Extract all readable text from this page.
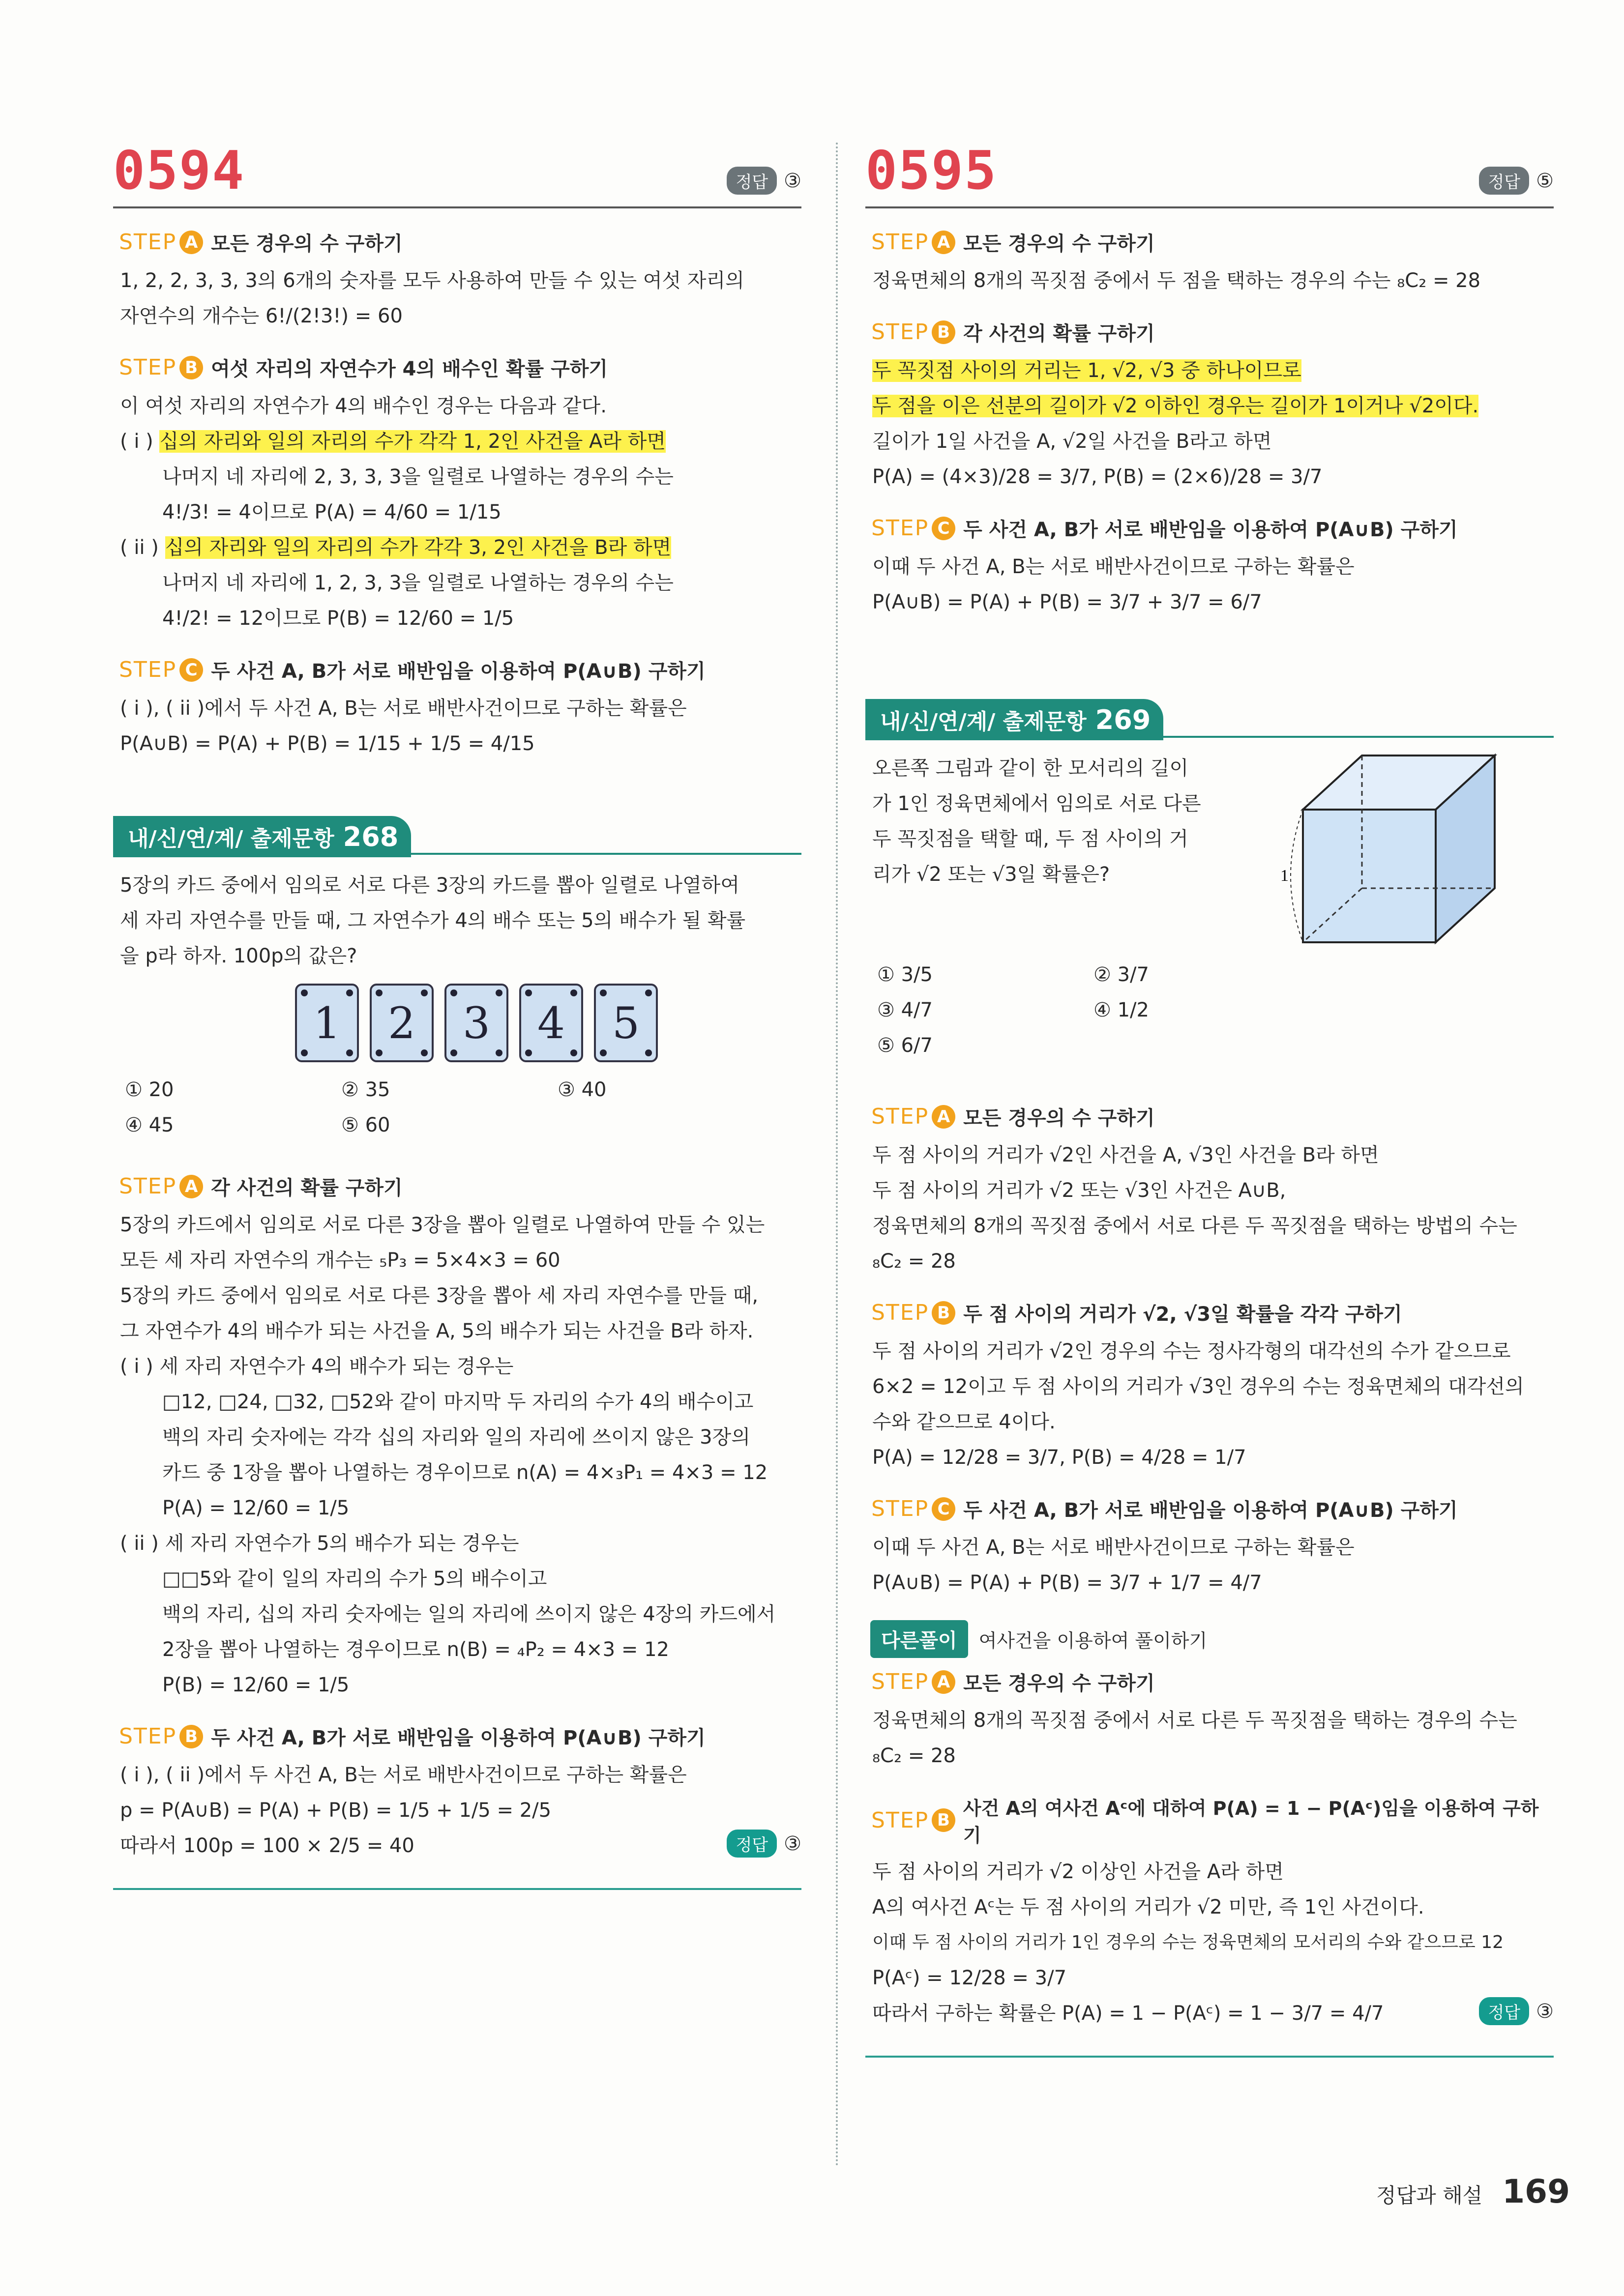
0594	정답 ③
STEP A 모든 경우의 수 구하기
1, 2, 2, 3, 3, 3의 6개의 숫자를 모두 사용하여 만들 수 있는 여섯 자리의
자연수의 개수는 6!/(2!3!) = 60
STEP B 여섯 자리의 자연수가 4의 배수인 확률 구하기
이 여섯 자리의 자연수가 4의 배수인 경우는 다음과 같다.
( i ) 십의 자리와 일의 자리의 수가 각각 1, 2인 사건을 A라 하면
나머지 네 자리에 2, 3, 3, 3을 일렬로 나열하는 경우의 수는
4!/3! = 4이므로 P(A) = 4/60 = 1/15
( ii ) 십의 자리와 일의 자리의 수가 각각 3, 2인 사건을 B라 하면
나머지 네 자리에 1, 2, 3, 3을 일렬로 나열하는 경우의 수는
4!/2! = 12이므로 P(B) = 12/60 = 1/5
STEP C 두 사건 A, B가 서로 배반임을 이용하여 P(A∪B) 구하기
( i ), ( ii )에서 두 사건 A, B는 서로 배반사건이므로 구하는 확률은
P(A∪B) = P(A) + P(B) = 1/15 + 1/5 = 4/15
내/신/연/계/ 출제문항 268
5장의 카드 중에서 임의로 서로 다른 3장의 카드를 뽑아 일렬로 나열하여
세 자리 자연수를 만들 때, 그 자연수가 4의 배수 또는 5의 배수가 될 확률
을 p라 하자. 100p의 값은?
1 2 3 4 5
① 20	② 35	③ 40
④ 45	⑤ 60
STEP A 각 사건의 확률 구하기
5장의 카드에서 임의로 서로 다른 3장을 뽑아 일렬로 나열하여 만들 수 있는
모든 세 자리 자연수의 개수는 ₅P₃ = 5×4×3 = 60
5장의 카드 중에서 임의로 서로 다른 3장을 뽑아 세 자리 자연수를 만들 때,
그 자연수가 4의 배수가 되는 사건을 A, 5의 배수가 되는 사건을 B라 하자.
( i ) 세 자리 자연수가 4의 배수가 되는 경우는
□12, □24, □32, □52와 같이 마지막 두 자리의 수가 4의 배수이고
백의 자리 숫자에는 각각 십의 자리와 일의 자리에 쓰이지 않은 3장의
카드 중 1장을 뽑아 나열하는 경우이므로 n(A) = 4×₃P₁ = 4×3 = 12
P(A) = 12/60 = 1/5
( ii ) 세 자리 자연수가 5의 배수가 되는 경우는
□□5와 같이 일의 자리의 수가 5의 배수이고
백의 자리, 십의 자리 숫자에는 일의 자리에 쓰이지 않은 4장의 카드에서
2장을 뽑아 나열하는 경우이므로 n(B) = ₄P₂ = 4×3 = 12
P(B) = 12/60 = 1/5
STEP B 두 사건 A, B가 서로 배반임을 이용하여 P(A∪B) 구하기
( i ), ( ii )에서 두 사건 A, B는 서로 배반사건이므로 구하는 확률은
p = P(A∪B) = P(A) + P(B) = 1/5 + 1/5 = 2/5
따라서 100p = 100 × 2/5 = 40	정답 ③
0595	정답 ⑤
STEP A 모든 경우의 수 구하기
정육면체의 8개의 꼭짓점 중에서 두 점을 택하는 경우의 수는 ₈C₂ = 28
STEP B 각 사건의 확률 구하기
두 꼭짓점 사이의 거리는 1, √2, √3 중 하나이므로
두 점을 이은 선분의 길이가 √2 이하인 경우는 길이가 1이거나 √2이다.
길이가 1일 사건을 A, √2일 사건을 B라고 하면
P(A) = (4×3)/28 = 3/7, P(B) = (2×6)/28 = 3/7
STEP C 두 사건 A, B가 서로 배반임을 이용하여 P(A∪B) 구하기
이때 두 사건 A, B는 서로 배반사건이므로 구하는 확률은
P(A∪B) = P(A) + P(B) = 3/7 + 3/7 = 6/7
내/신/연/계/ 출제문항 269
오른쪽 그림과 같이 한 모서리의 길이
가 1인 정육면체에서 임의로 서로 다른
두 꼭짓점을 택할 때, 두 점 사이의 거
리가 √2 또는 √3일 확률은?	1
① 3/5	② 3/7
③ 4/7	④ 1/2
⑤ 6/7
STEP A 모든 경우의 수 구하기
두 점 사이의 거리가 √2인 사건을 A, √3인 사건을 B라 하면
두 점 사이의 거리가 √2 또는 √3인 사건은 A∪B,
정육면체의 8개의 꼭짓점 중에서 서로 다른 두 꼭짓점을 택하는 방법의 수는
₈C₂ = 28
STEP B 두 점 사이의 거리가 √2, √3일 확률을 각각 구하기
두 점 사이의 거리가 √2인 경우의 수는 정사각형의 대각선의 수가 같으므로
6×2 = 12이고 두 점 사이의 거리가 √3인 경우의 수는 정육면체의 대각선의
수와 같으므로 4이다.
P(A) = 12/28 = 3/7, P(B) = 4/28 = 1/7
STEP C 두 사건 A, B가 서로 배반임을 이용하여 P(A∪B) 구하기
이때 두 사건 A, B는 서로 배반사건이므로 구하는 확률은
P(A∪B) = P(A) + P(B) = 3/7 + 1/7 = 4/7
다른풀이	여사건을 이용하여 풀이하기
STEP A 모든 경우의 수 구하기
정육면체의 8개의 꼭짓점 중에서 서로 다른 두 꼭짓점을 택하는 경우의 수는
₈C₂ = 28
STEP B
사건 A의 여사건 Aᶜ에 대하여 P(A) = 1 − P(Aᶜ)임을 이용하여 구하기
두 점 사이의 거리가 √2 이상인 사건을 A라 하면
A의 여사건 Aᶜ는 두 점 사이의 거리가 √2 미만, 즉 1인 사건이다.
이때 두 점 사이의 거리가 1인 경우의 수는 정육면체의 모서리의 수와 같으므로 12
P(Aᶜ) = 12/28 = 3/7
따라서 구하는 확률은 P(A) = 1 − P(Aᶜ) = 1 − 3/7 = 4/7	정답 ③
정답과 해설 169
